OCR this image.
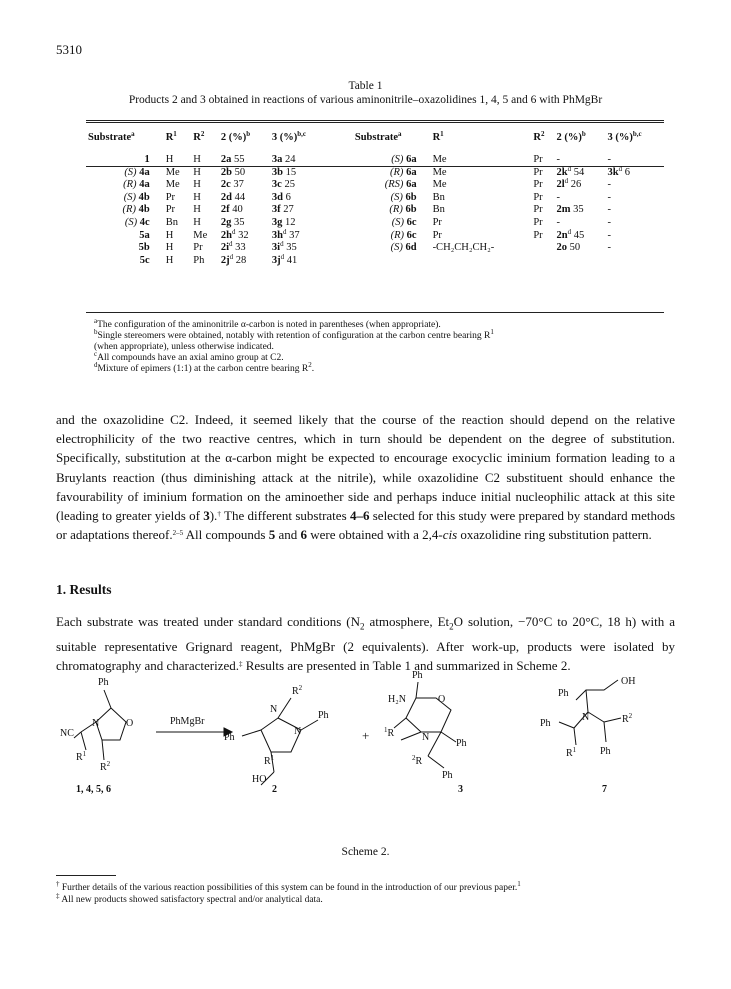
5310
Table 1
Products 2 and 3 obtained in reactions of various aminonitrile–oxazolidines 1, 4, 5 and 6 with PhMgBr
Substrate$^a$	$R^1$	$R^2$	2 (%)$^b$	3 (%)$^{b,c}$	Substrate$^a$	$R^1$	$R^2$	2 (%)$^b$	3 (%)$^{b,c}$

1	H	H	2a 55	3a 24	(S) 6a	Me	Pr	-	-
(S) 4a	Me	H	2b 50	3b 15	(R) 6a	Me	Pr	$2k^d$ 54	$3k^d$ 6
(R) 4a	Me	H	2c 37	3c 25	(RS) 6a	Me	Pr	$2l^d$ 26	-
(S) 4b	Pr	H	2d 44	3d 6	(S) 6b	Bn	Pr	-	-
(R) 4b	Pr	H	2f 40	3f 27	(R) 6b	Bn	Pr	2m 35	-
(S) 4c	Bn	H	2g 35	3g 12	(S) 6c	Pr	Pr	-	-
5a	H	Me	$2h^d$ 32	$3h^d$ 37	(R) 6c	Pr	Pr	$2n^d$ 45	-
5b	H	Pr	$2i^d$ 33	$3i^d$ 35	(S) 6d	-CH₂CH₂CH₂-		2o 50	-
5c	H	Ph	$2j^d$ 28	$3j^d$ 41					
$^a$The configuration of the aminonitrile α-carbon is noted in parentheses (when appropriate).
$^b$Single stereomers were obtained, notably with retention of configuration at the carbon centre bearing $R^1$
(when appropriate), unless otherwise indicated.
$^c$All compounds have an axial amino group at C2.
$^d$Mixture of epimers (1:1) at the carbon centre bearing $R^2$.
and the oxazolidine C2. Indeed, it seemed likely that the course of the reaction should depend on the relative electrophilicity of the two reactive centres, which in turn should be dependent on the degree of substitution. Specifically, substitution at the α-carbon might be expected to encourage exocyclic iminium formation leading to a Bruylants reaction (thus diminishing attack at the nitrile), while oxazolidine C2 substituent should enhance the favourability of iminium formation on the aminoether side and perhaps induce initial nucleophilic attack at this site (leading to greater yields of 3).† The different substrates 4–6 selected for this study were prepared by standard methods or adaptations thereof.$^{2-5}$ All compounds 5 and 6 were obtained with a 2,4-cis oxazolidine ring substitution pattern.
1. Results
Each substrate was treated under standard conditions ($N_2$ atmosphere, $Et_2O$ solution, −70°C to 20°C, 18 h) with a suitable representative Grignard reagent, PhMgBr (2 equivalents). After work-up, products were isolated by chromatography and characterized.‡ Results are presented in Table 1 and summarized in Scheme 2.
Ph
NC
N	O
$R^1$
$R^2$
1, 4, 5, 6
PhMgBr
$R^2$
N
N
Ph
Ph
$R^1$
HO
2
+
Ph
H₂N	O
$^1$R	N
Ph
$^2$R
Ph
3
Ph
OH
Ph
N	$R^2$
$R^1$ Ph
7
Scheme 2.
† Further details of the various reaction possibilities of this system can be found in the introduction of our previous paper.$^1$
‡ All new products showed satisfactory spectral and/or analytical data.
